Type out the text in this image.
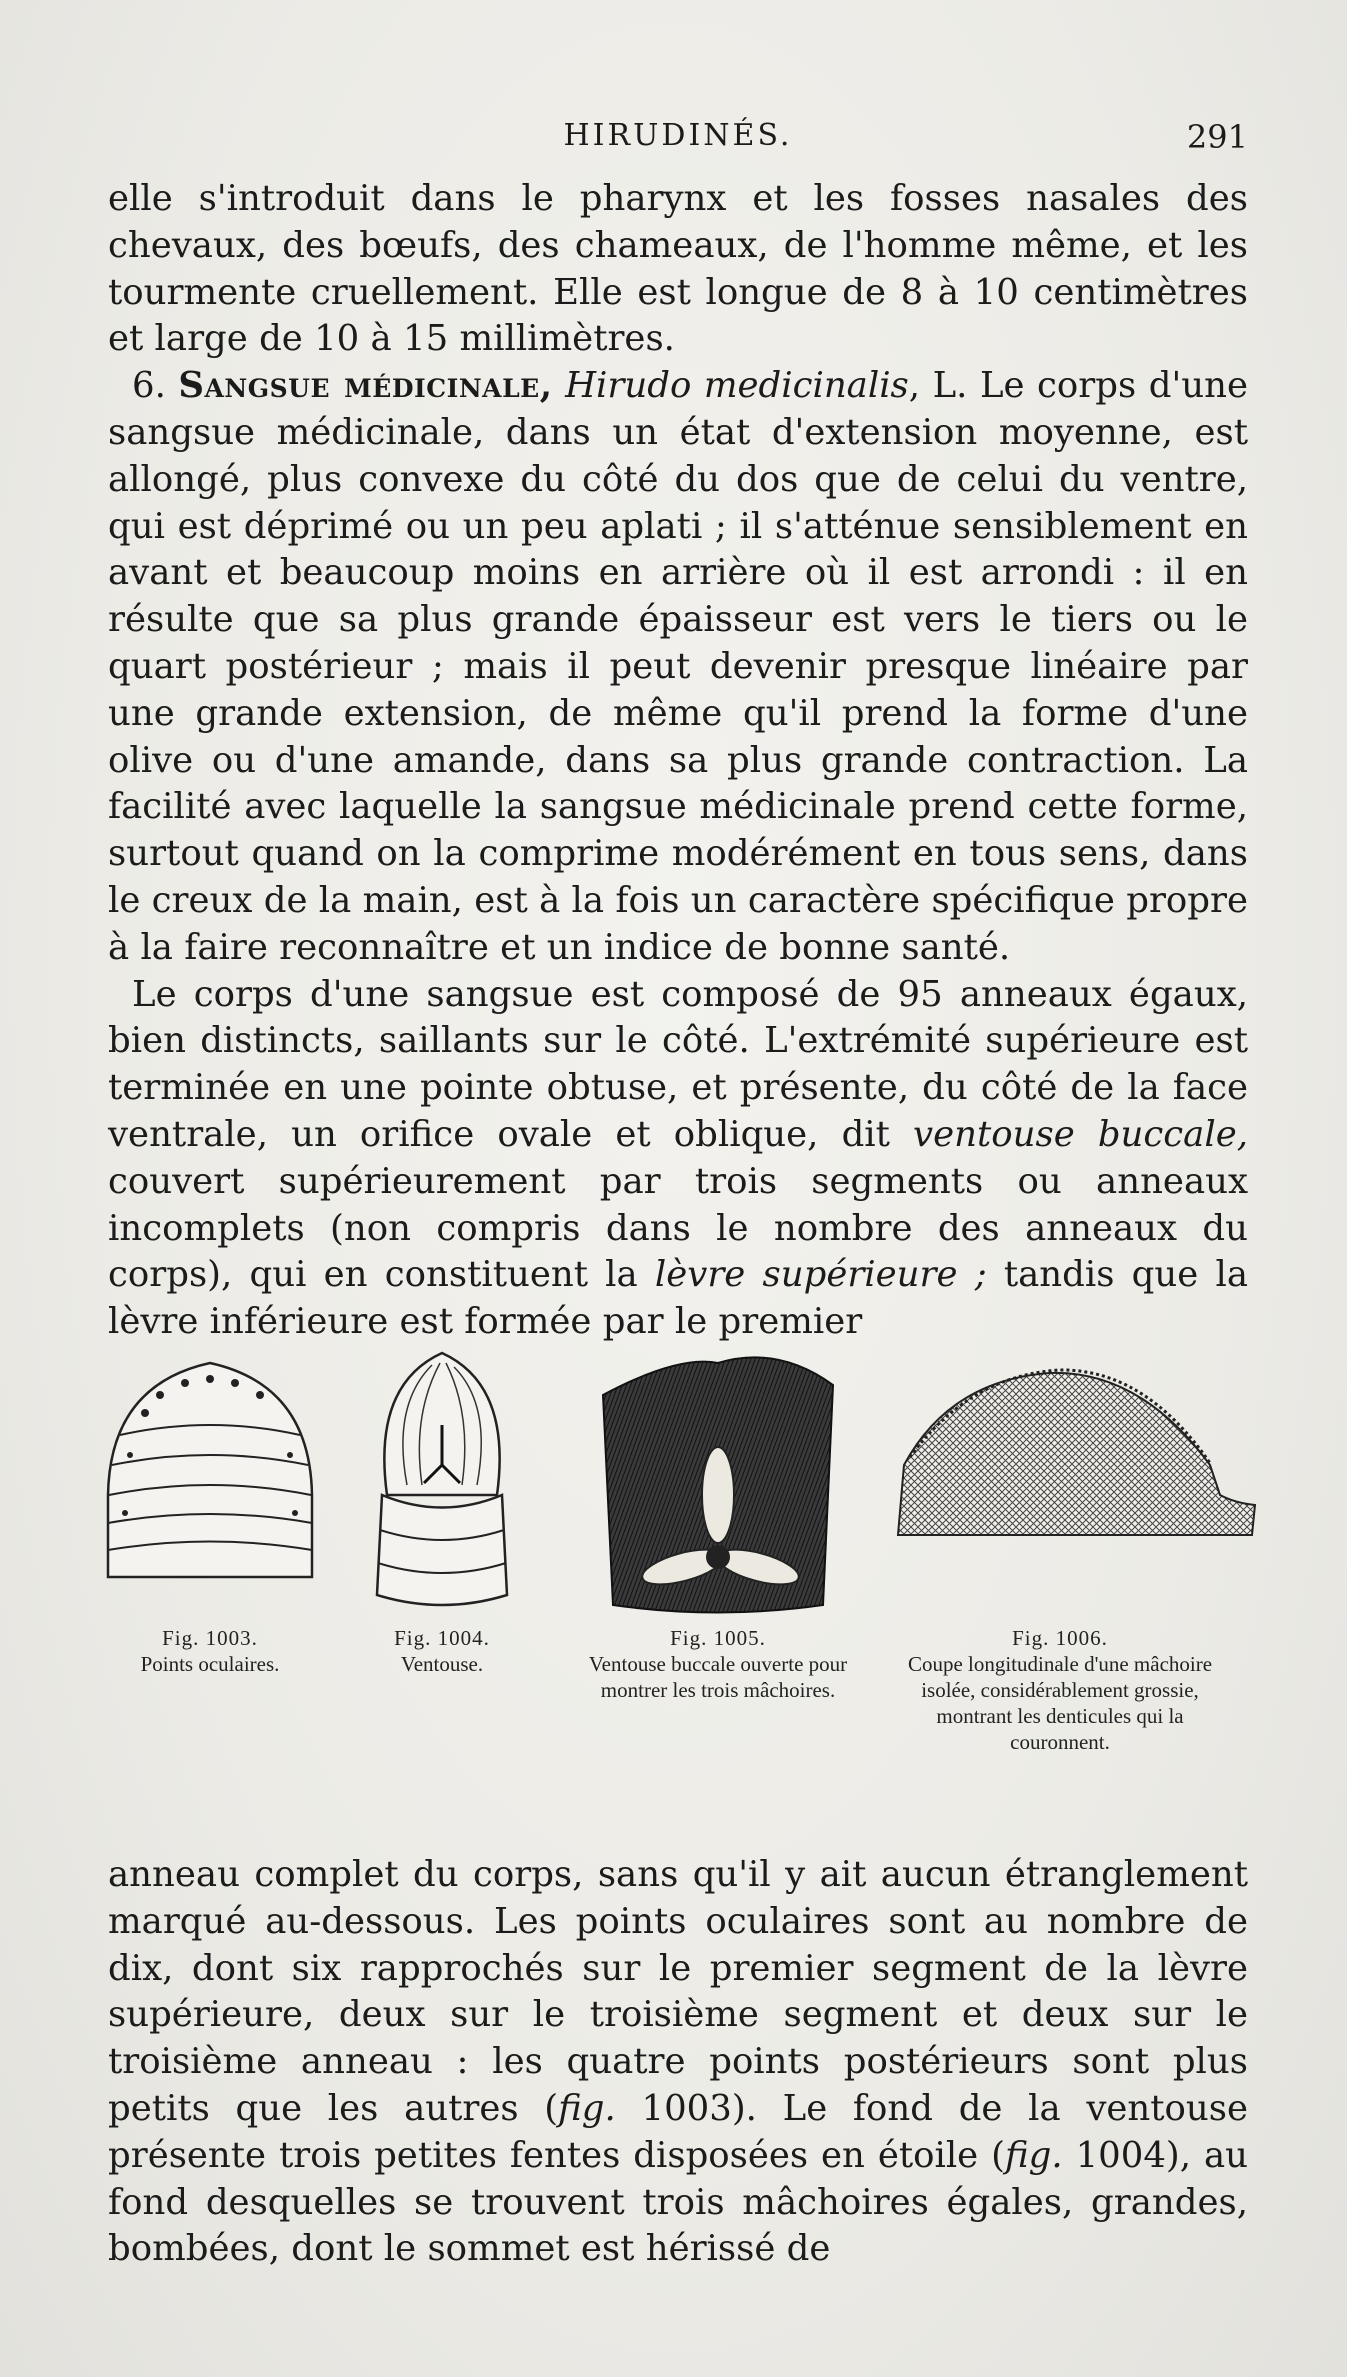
HIRUDINÉS.	291

elle s'introduit dans le pharynx et les fosses nasales des chevaux, des bœufs, des chameaux, de l'homme même, et les tourmente cruellement. Elle est longue de 8 à 10 centimètres et large de 10 à 15 millimètres.

6. Sangsue médicinale, Hirudo medicinalis, L. Le corps d'une sangsue médicinale, dans un état d'extension moyenne, est allongé, plus convexe du côté du dos que de celui du ventre, qui est déprimé ou un peu aplati ; il s'atténue sensiblement en avant et beaucoup moins en arrière où il est arrondi : il en résulte que sa plus grande épaisseur est vers le tiers ou le quart postérieur ; mais il peut devenir presque linéaire par une grande extension, de même qu'il prend la forme d'une olive ou d'une amande, dans sa plus grande contraction. La facilité avec laquelle la sangsue médicinale prend cette forme, surtout quand on la comprime modérément en tous sens, dans le creux de la main, est à la fois un caractère spécifique propre à la faire reconnaître et un indice de bonne santé.

Le corps d'une sangsue est composé de 95 anneaux égaux, bien distincts, saillants sur le côté. L'extrémité supérieure est terminée en une pointe obtuse, et présente, du côté de la face ventrale, un orifice ovale et oblique, dit ventouse buccale, couvert supérieurement par trois segments ou anneaux incomplets (non compris dans le nombre des anneaux du corps), qui en constituent la lèvre supérieure ; tandis que la lèvre inférieure est formée par le premier

Fig. 1003.
Points oculaires.
Fig. 1004.
Ventouse.
Fig. 1005.
Ventouse buccale ouverte pour montrer les trois mâchoires.
Fig. 1006.
Coupe longitudinale d'une mâchoire isolée, considérablement grossie, montrant les denticules qui la couronnent.

anneau complet du corps, sans qu'il y ait aucun étranglement marqué au-dessous. Les points oculaires sont au nombre de dix, dont six rapprochés sur le premier segment de la lèvre supérieure, deux sur le troisième segment et deux sur le troisième anneau : les quatre points postérieurs sont plus petits que les autres (fig. 1003). Le fond de la ventouse présente trois petites fentes disposées en étoile (fig. 1004), au fond desquelles se trouvent trois mâchoires égales, grandes, bombées, dont le sommet est hérissé de
